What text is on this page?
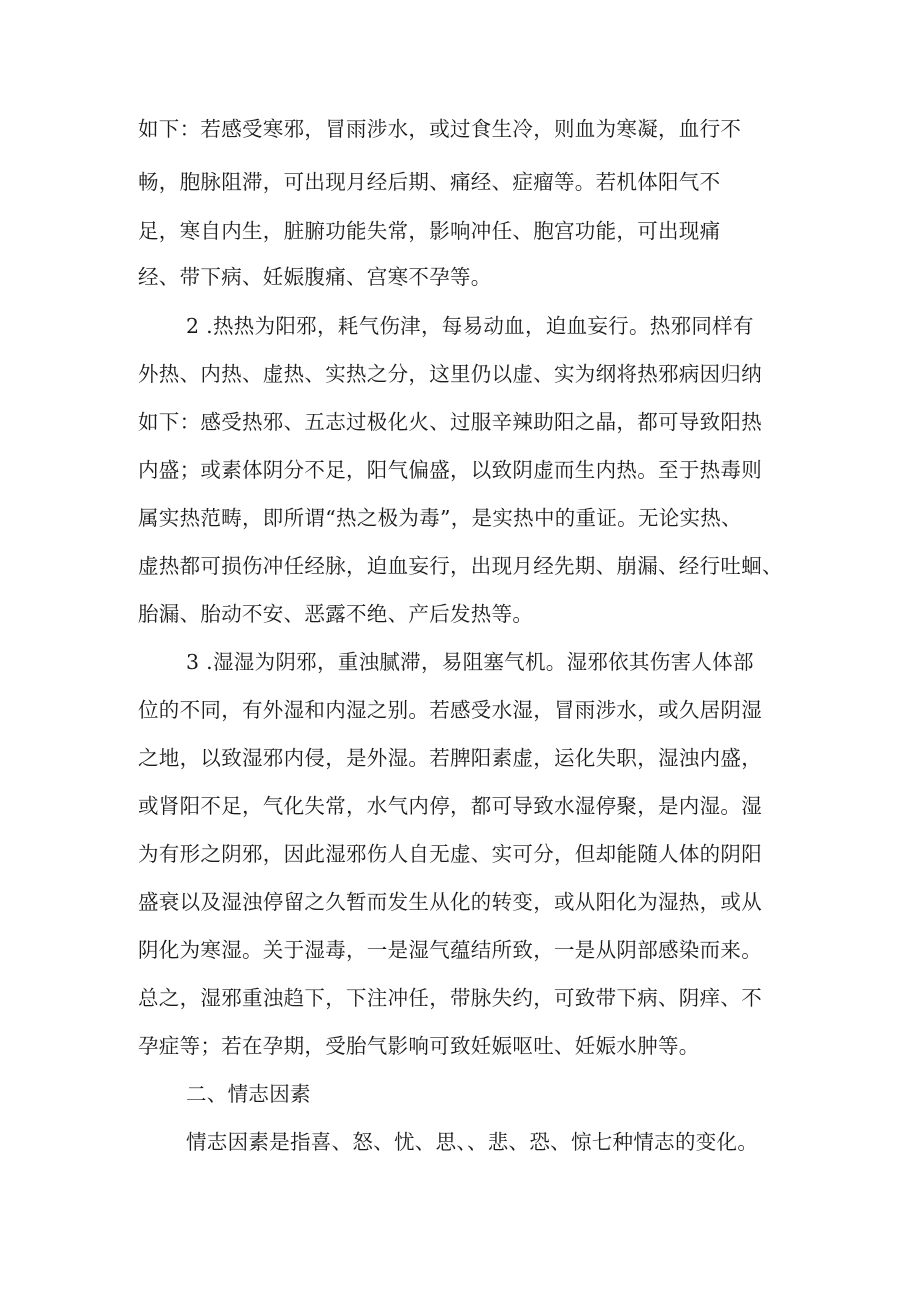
如下：若感受寒邪，冒雨涉水，或过食生冷，则血为寒凝，血行不
畅，胞脉阻滞，可出现月经后期、痛经、症瘤等。若机体阳气不
足，寒自内生，脏腑功能失常，影响冲任、胞宫功能，可出现痛
经、带下病、妊娠腹痛、宫寒不孕等。
2 .热热为阳邪，耗气伤津，每易动血，迫血妄行。热邪同样有
外热、内热、虚热、实热之分，这里仍以虚、实为纲将热邪病因归纳
如下：感受热邪、五志过极化火、过服辛辣助阳之晶，都可导致阳热
内盛；或素体阴分不足，阳气偏盛，以致阴虚而生内热。至于热毒则
属实热范畴，即所谓“热之极为毒”，是实热中的重证。无论实热、
虚热都可损伤冲任经脉，迫血妄行，出现月经先期、崩漏、经行吐蛔、
胎漏、胎动不安、恶露不绝、产后发热等。
3 .湿湿为阴邪，重浊腻滞，易阻塞气机。湿邪依其伤害人体部
位的不同，有外湿和内湿之别。若感受水湿，冒雨涉水，或久居阴湿
之地，以致湿邪内侵，是外湿。若脾阳素虚，运化失职，湿浊内盛，
或肾阳不足，气化失常，水气内停，都可导致水湿停聚，是内湿。湿
为有形之阴邪，因此湿邪伤人自无虚、实可分，但却能随人体的阴阳
盛衰以及湿浊停留之久暂而发生从化的转变，或从阳化为湿热，或从
阴化为寒湿。关于湿毒，一是湿气蕴结所致，一是从阴部感染而来。
总之，湿邪重浊趋下，下注冲任，带脉失约，可致带下病、阴痒、不
孕症等；若在孕期，受胎气影响可致妊娠呕吐、妊娠水肿等。
二、情志因素
情志因素是指喜、怒、忧、思、、悲、恐、惊七种情志的变化。
